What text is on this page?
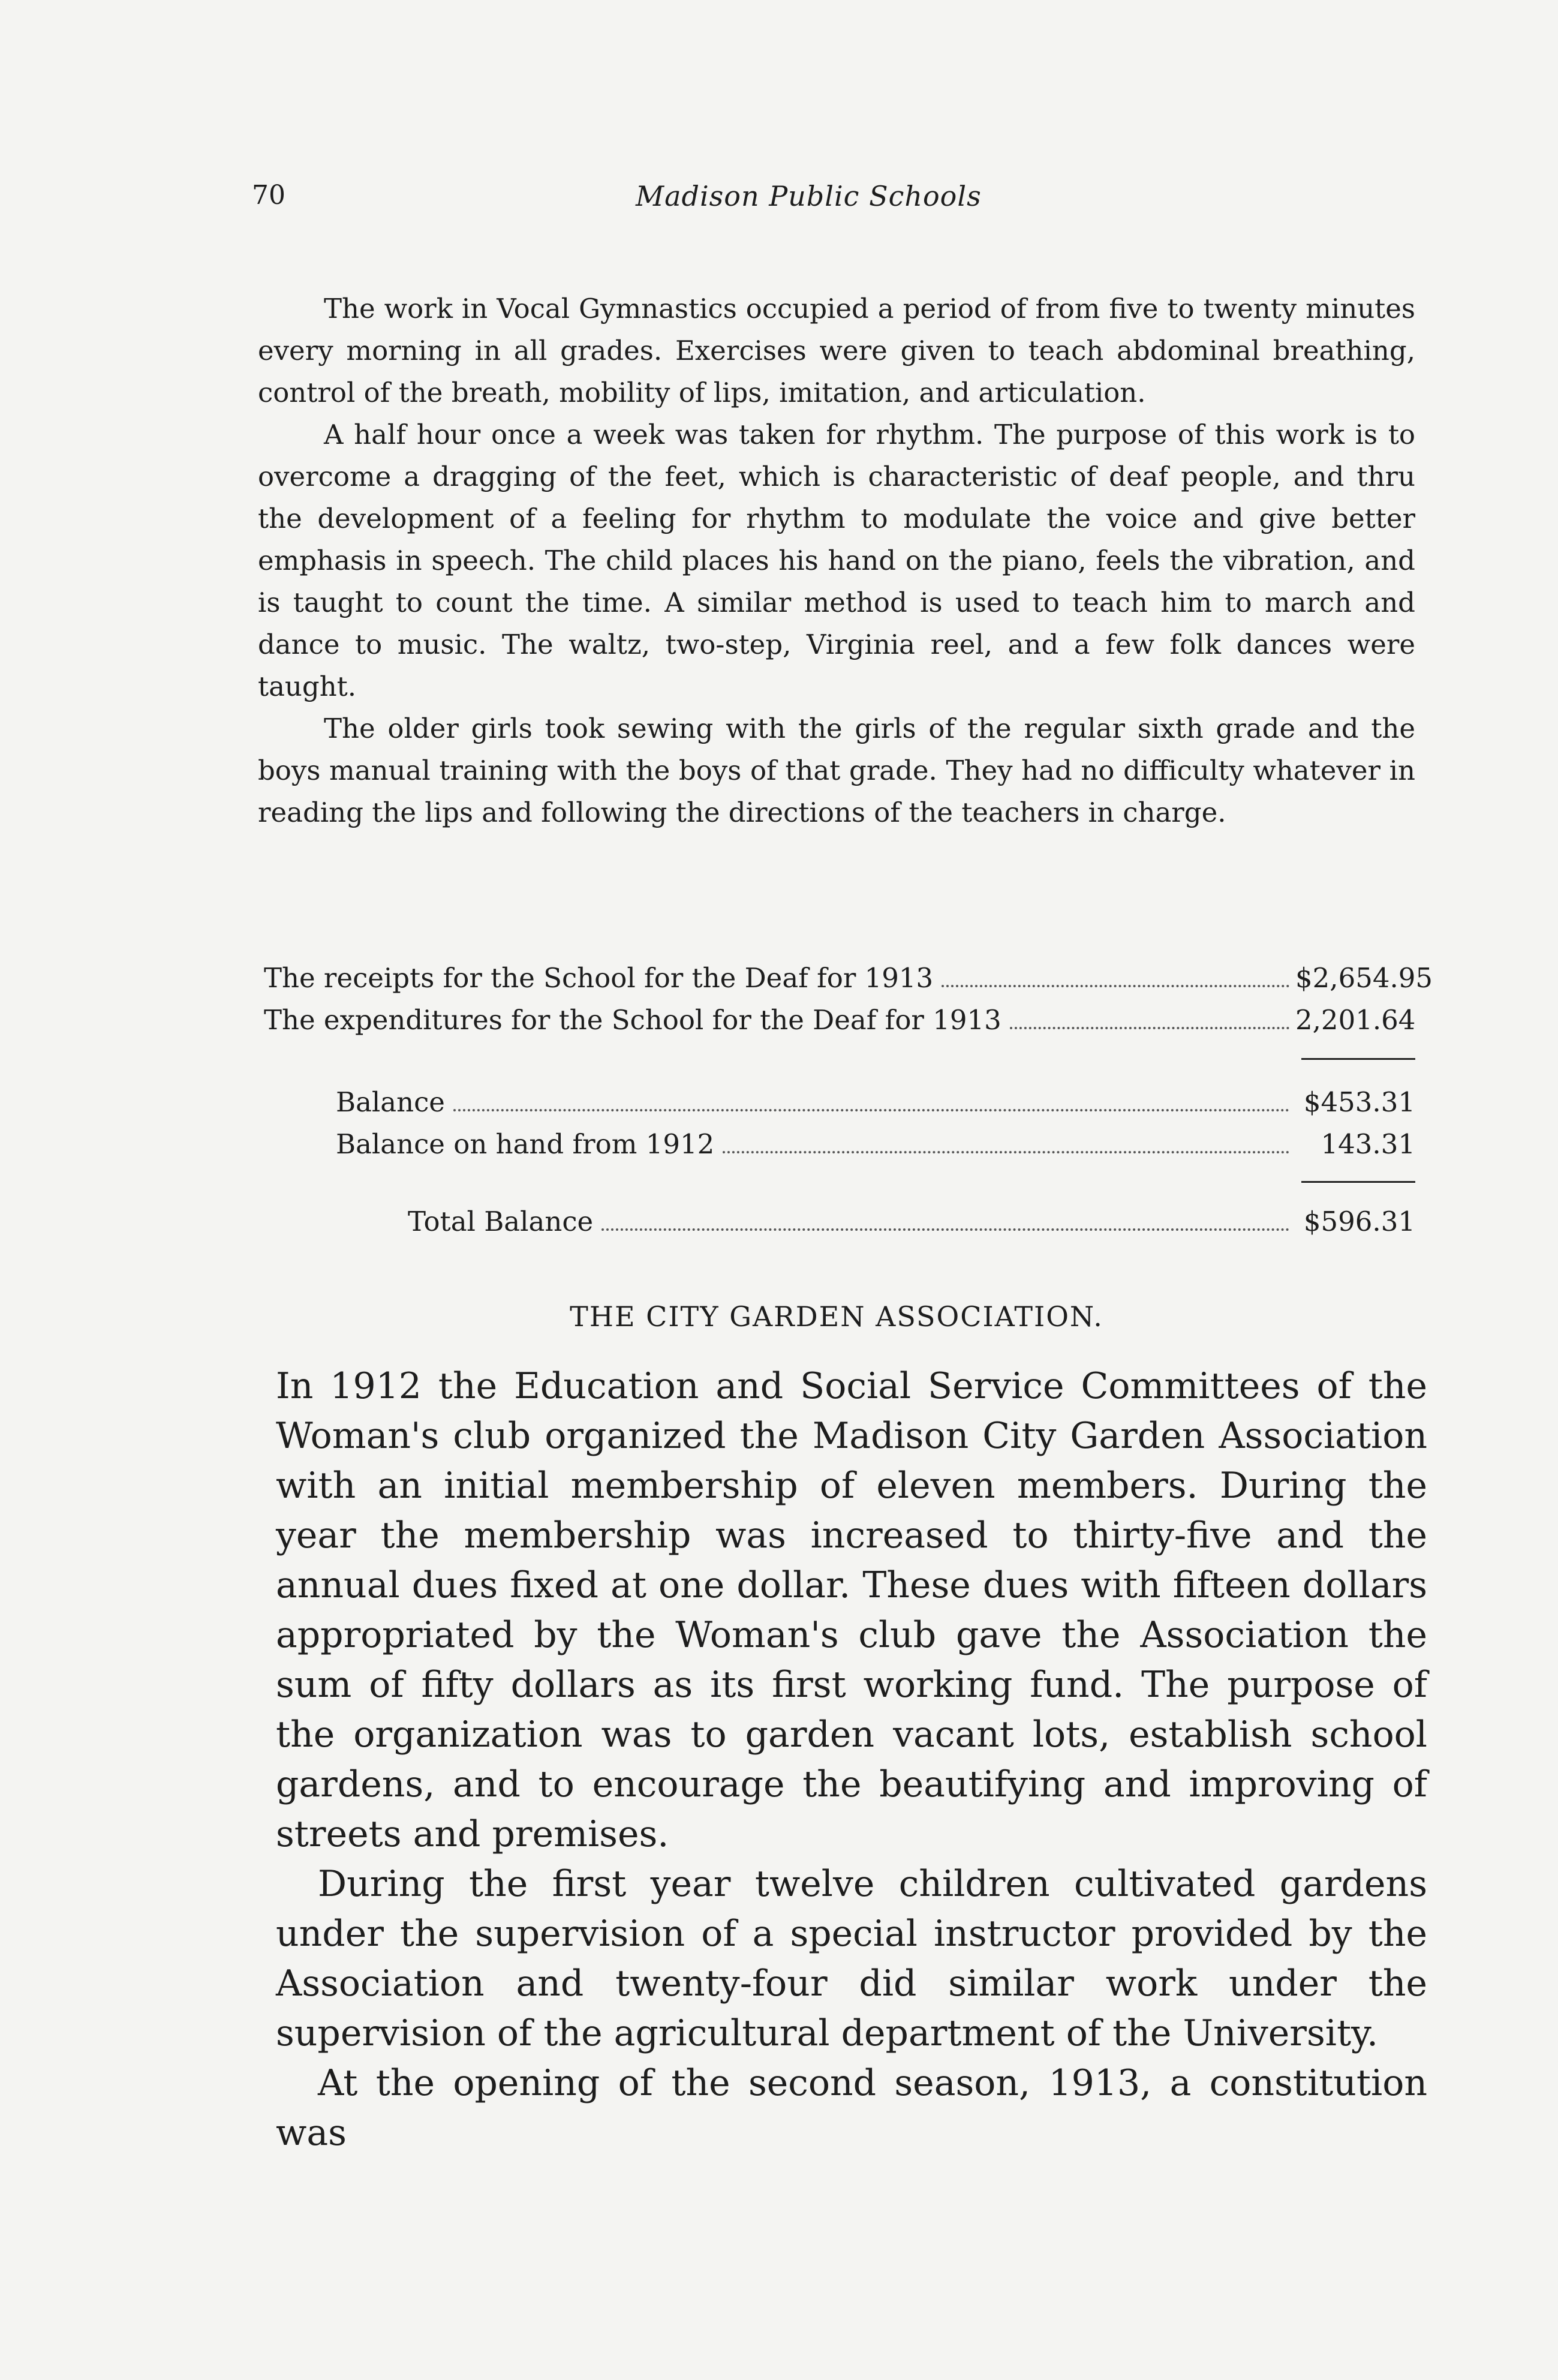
70	Madison Public Schools

The work in Vocal Gymnastics occupied a period of from five to twenty minutes every morning in all grades. Exercises were given to teach abdominal breathing, control of the breath, mobility of lips, imitation, and articulation.

A half hour once a week was taken for rhythm. The purpose of this work is to overcome a dragging of the feet, which is characteristic of deaf people, and thru the development of a feeling for rhythm to modulate the voice and give better emphasis in speech. The child places his hand on the piano, feels the vibration, and is taught to count the time. A similar method is used to teach him to march and dance to music. The waltz, two-step, Virginia reel, and a few folk dances were taught.

The older girls took sewing with the girls of the regular sixth grade and the boys manual training with the boys of that grade. They had no difficulty whatever in reading the lips and following the directions of the teachers in charge.

The receipts for the School for the Deaf for 1913	$2,654.95
The expenditures for the School for the Deaf for 1913	2,201.64
Balance	$453.31
Balance on hand from 1912	143.31
Total Balance	$596.31
THE CITY GARDEN ASSOCIATION.

In 1912 the Education and Social Service Committees of the Woman's club organized the Madison City Garden Association with an initial membership of eleven members. During the year the membership was increased to thirty-five and the annual dues fixed at one dollar. These dues with fifteen dollars appropriated by the Woman's club gave the Association the sum of fifty dollars as its first working fund. The purpose of the organization was to garden vacant lots, establish school gardens, and to encourage the beautifying and improving of streets and premises.

During the first year twelve children cultivated gardens under the supervision of a special instructor provided by the Association and twenty-four did similar work under the supervision of the agricultural department of the University.

At the opening of the second season, 1913, a constitution was
